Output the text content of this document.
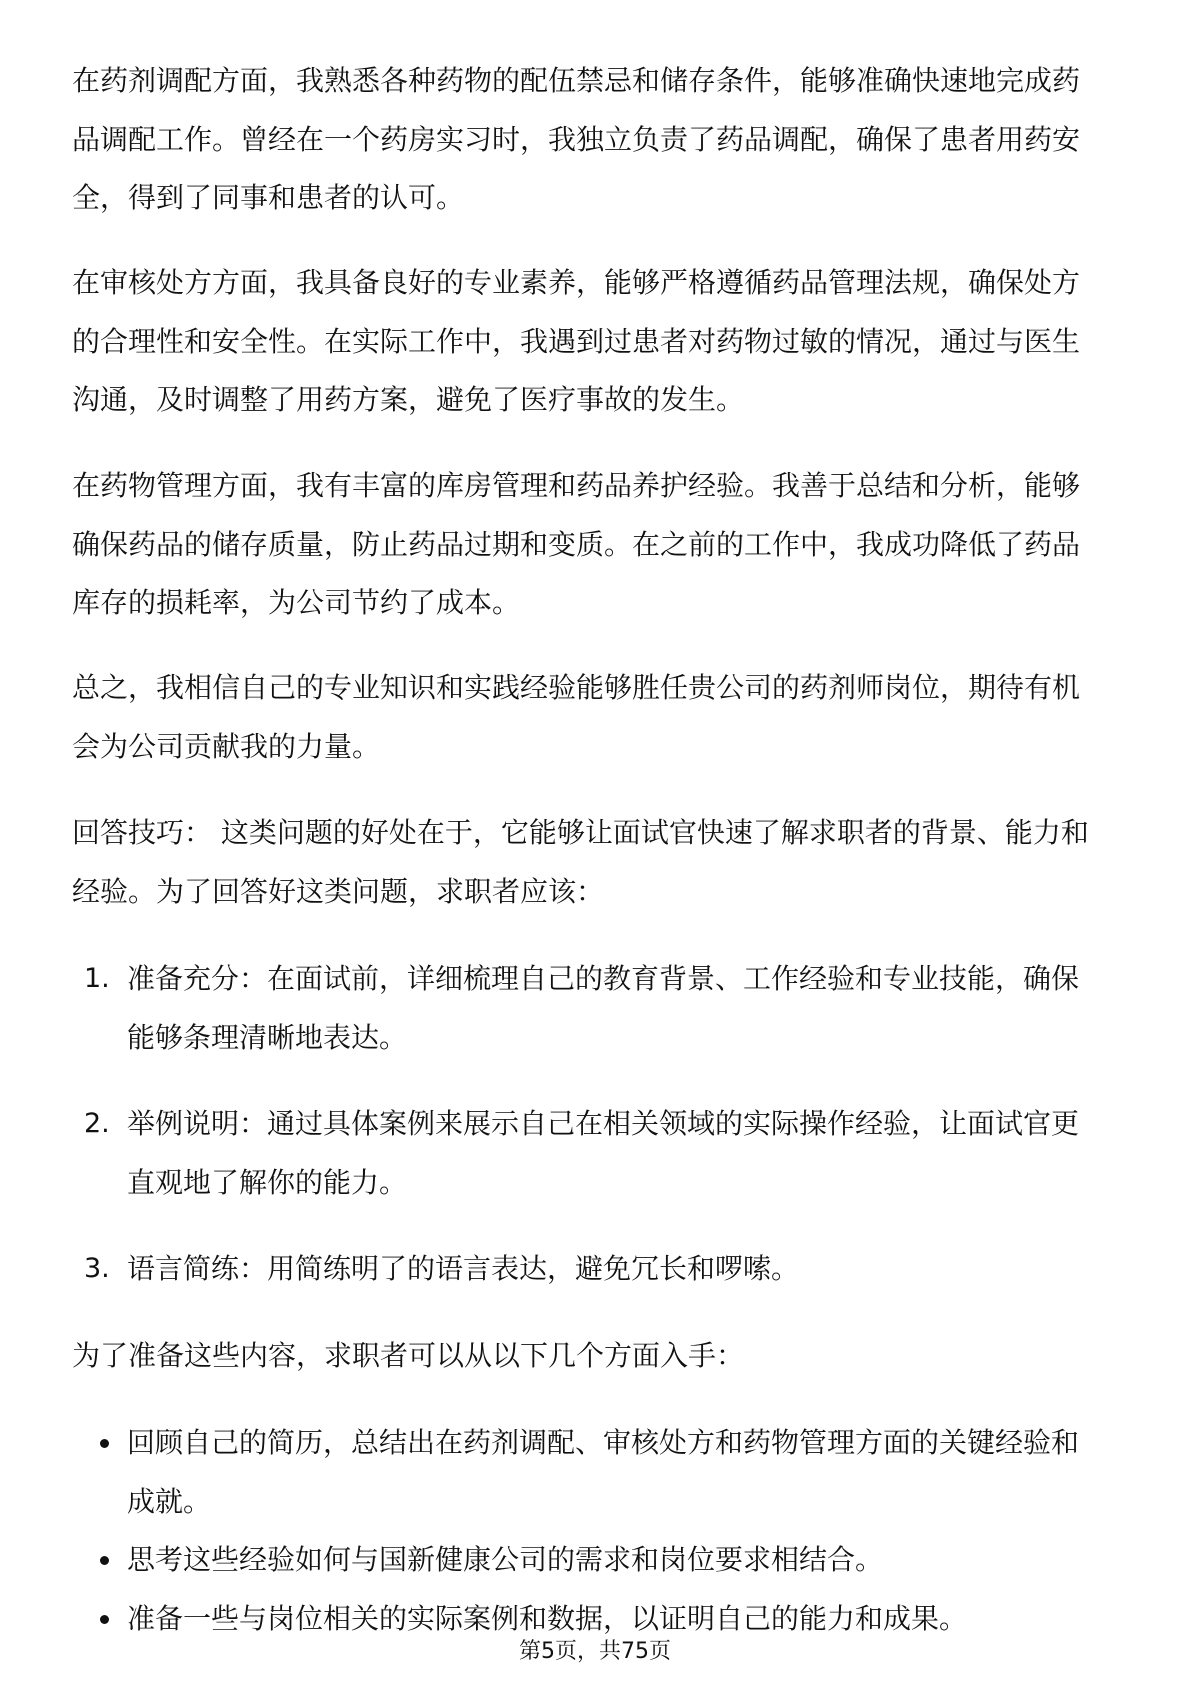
在药剂调配方面，我熟悉各种药物的配伍禁忌和储存条件，能够准确快速地完成药
品调配工作。曾经在一个药房实习时，我独立负责了药品调配，确保了患者用药安
全，得到了同事和患者的认可。
在审核处方方面，我具备良好的专业素养，能够严格遵循药品管理法规，确保处方
的合理性和安全性。在实际工作中，我遇到过患者对药物过敏的情况，通过与医生
沟通，及时调整了用药方案，避免了医疗事故的发生。
在药物管理方面，我有丰富的库房管理和药品养护经验。我善于总结和分析，能够
确保药品的储存质量，防止药品过期和变质。在之前的工作中，我成功降低了药品
库存的损耗率，为公司节约了成本。
总之，我相信自己的专业知识和实践经验能够胜任贵公司的药剂师岗位，期待有机
会为公司贡献我的力量。
回答技巧： 这类问题的好处在于，它能够让面试官快速了解求职者的背景、能力和
经验。为了回答好这类问题，求职者应该：
1. 准备充分：在面试前，详细梳理自己的教育背景、工作经验和专业技能，确保
能够条理清晰地表达。
2. 举例说明：通过具体案例来展示自己在相关领域的实际操作经验，让面试官更
直观地了解你的能力。
3. 语言简练：用简练明了的语言表达，避免冗长和啰嗦。
为了准备这些内容，求职者可以从以下几个方面入手：
回顾自己的简历，总结出在药剂调配、审核处方和药物管理方面的关键经验和
成就。
思考这些经验如何与国新健康公司的需求和岗位要求相结合。
准备一些与岗位相关的实际案例和数据，以证明自己的能力和成果。
第5页，共75页
